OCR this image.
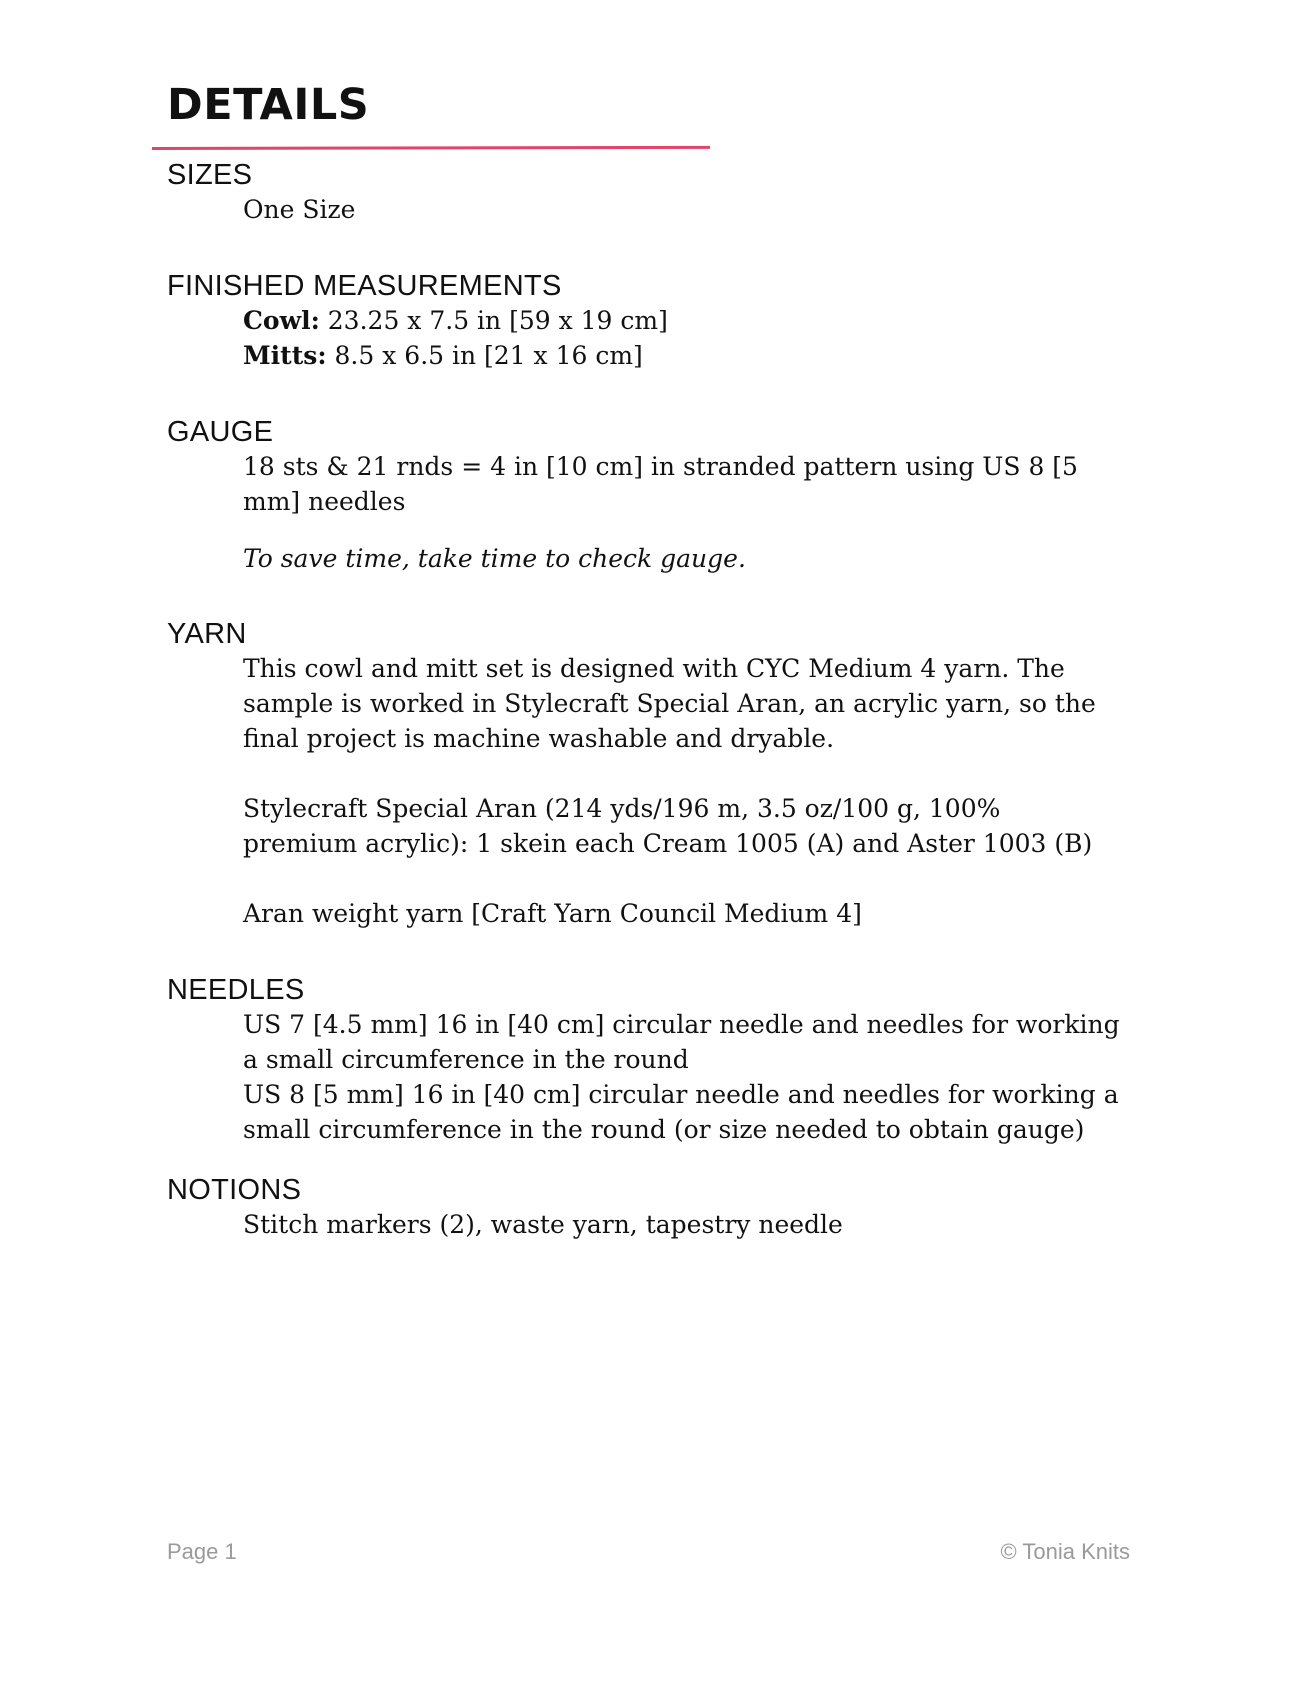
DETAILS
SIZES

One Size

FINISHED MEASUREMENTS

Cowl: 23.25 x 7.5 in [59 x 19 cm]

Mitts: 8.5 x 6.5 in [21 x 16 cm]

GAUGE

18 sts & 21 rnds = 4 in [10 cm] in stranded pattern using US 8 [5 mm] needles

To save time, take time to check gauge.

YARN

This cowl and mitt set is designed with CYC Medium 4 yarn. The sample is worked in Stylecraft Special Aran, an acrylic yarn, so the final project is machine washable and dryable.

Stylecraft Special Aran (214 yds/196 m, 3.5 oz/100 g, 100% premium acrylic): 1 skein each Cream 1005 (A) and Aster 1003 (B)

Aran weight yarn [Craft Yarn Council Medium 4]

NEEDLES

US 7 [4.5 mm] 16 in [40 cm] circular needle and needles for working a small circumference in the round

US 8 [5 mm] 16 in [40 cm] circular needle and needles for working a small circumference in the round (or size needed to obtain gauge)

NOTIONS

Stitch markers (2), waste yarn, tapestry needle

Page 1	© Tonia Knits
